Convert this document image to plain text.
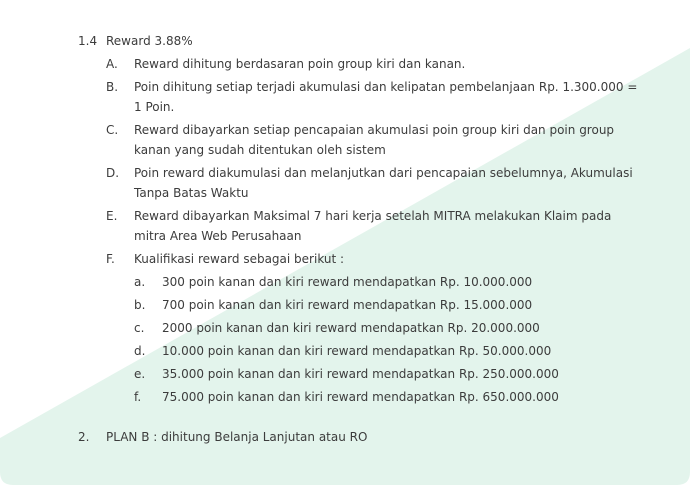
1.4 Reward 3.88%
A.	Reward dihitung berdasaran poin group kiri dan kanan.
B.	Poin dihitung setiap terjadi akumulasi dan kelipatan pembelanjaan Rp. 1.300.000 = 1 Poin.
C.	Reward dibayarkan setiap pencapaian akumulasi poin group kiri dan poin group kanan yang sudah ditentukan oleh sistem
D.	Poin reward diakumulasi dan melanjutkan dari pencapaian sebelumnya, Akumulasi Tanpa Batas Waktu
E.	Reward dibayarkan Maksimal 7 hari kerja setelah MITRA melakukan Klaim pada mitra Area Web Perusahaan
F.	Kualifikasi reward sebagai berikut :
a.	300 poin kanan dan kiri reward mendapatkan Rp. 10.000.000
b.	700 poin kanan dan kiri reward mendapatkan Rp. 15.000.000
c.	2000 poin kanan dan kiri reward mendapatkan Rp. 20.000.000
d.	10.000 poin kanan dan kiri reward mendapatkan Rp. 50.000.000
e.	35.000 poin kanan dan kiri reward mendapatkan Rp. 250.000.000
f.	75.000 poin kanan dan kiri reward mendapatkan Rp. 650.000.000
2.	PLAN B : dihitung Belanja Lanjutan atau RO
